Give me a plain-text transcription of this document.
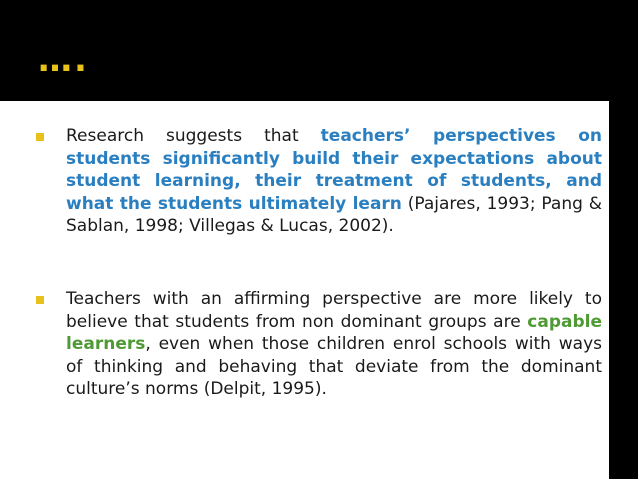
….
Research suggests that teachers’ perspectives on students significantly build their expectations about student learning, their treatment of students, and what the students ultimately learn (Pajares, 1993; Pang & Sablan, 1998; Villegas & Lucas, 2002).
Teachers with an affirming perspective are more likely to believe that students from non dominant groups are capable learners, even when those children enrol schools with ways of thinking and behaving that deviate from the dominant culture’s norms (Delpit, 1995).
